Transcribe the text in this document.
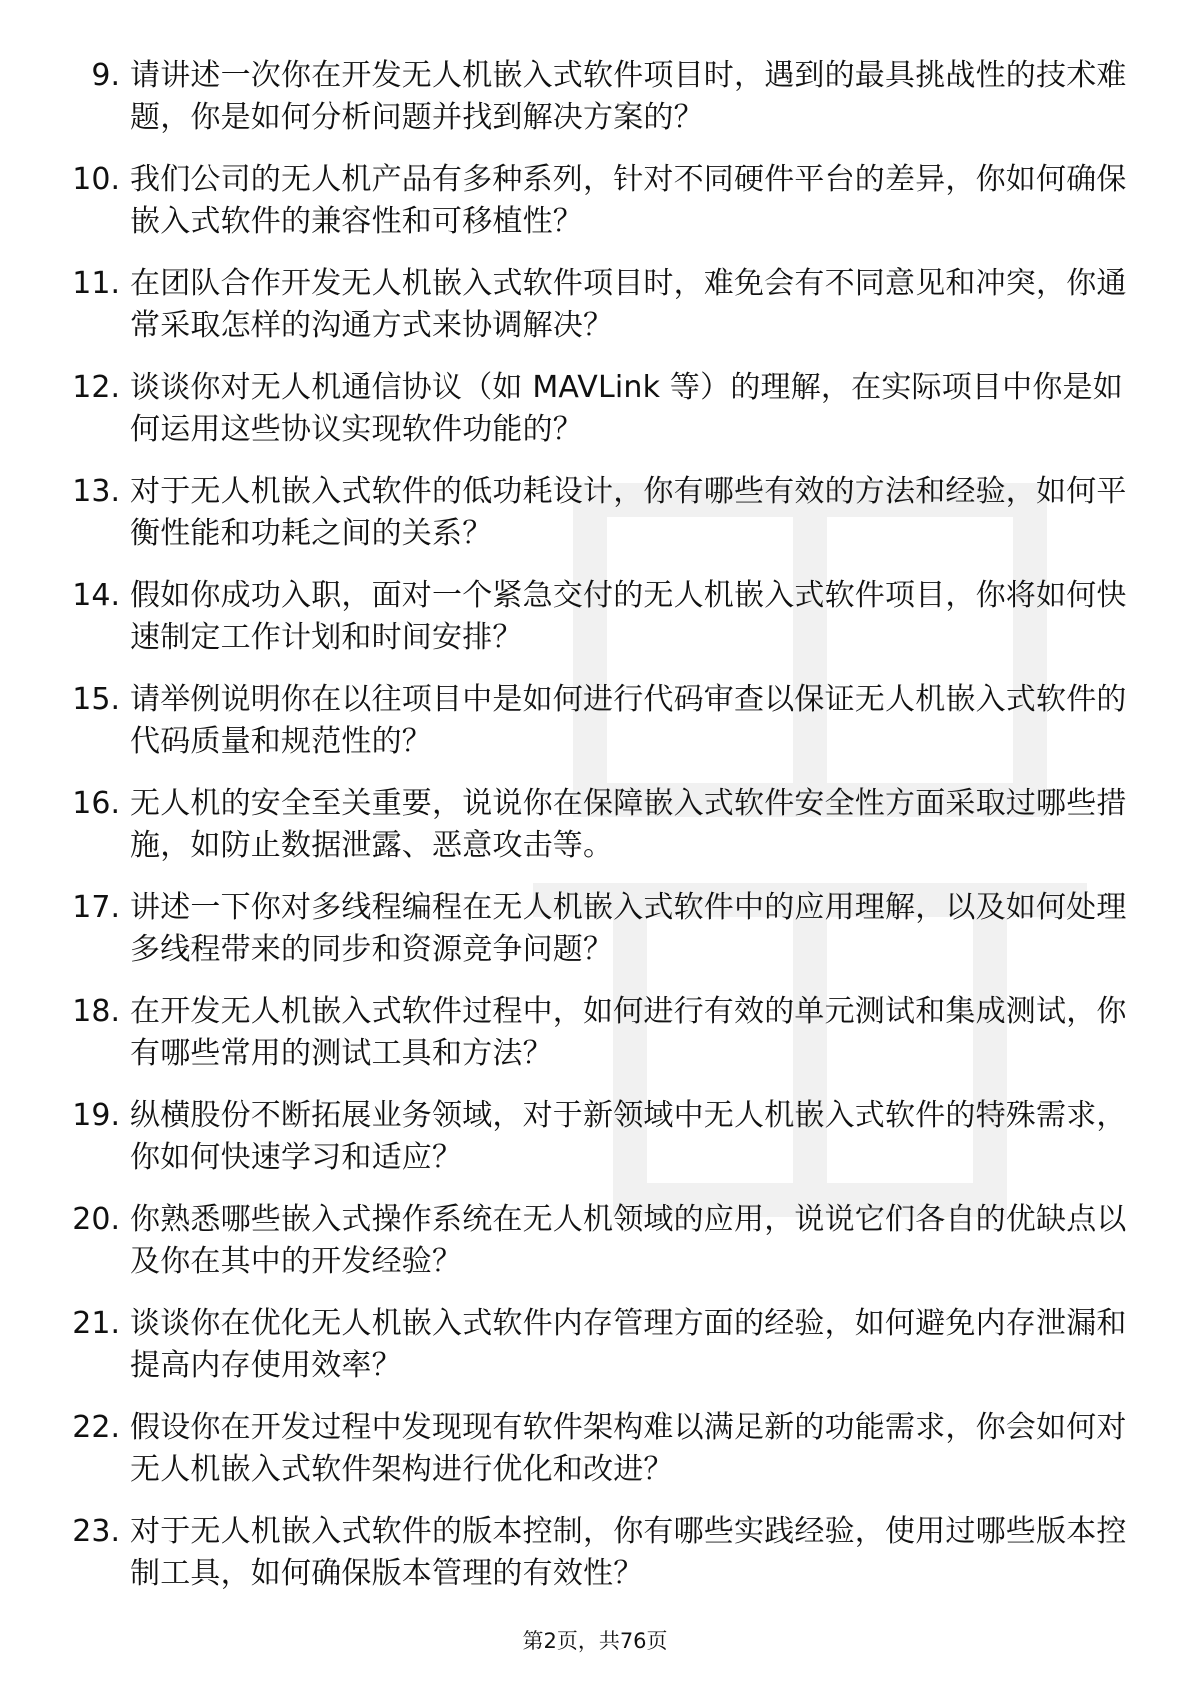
9. 请讲述一次你在开发无人机嵌入式软件项目时，遇到的最具挑战性的技术难题，你是如何分析问题并找到解决方案的？
10. 我们公司的无人机产品有多种系列，针对不同硬件平台的差异，你如何确保嵌入式软件的兼容性和可移植性？
11. 在团队合作开发无人机嵌入式软件项目时，难免会有不同意见和冲突，你通常采取怎样的沟通方式来协调解决？
12. 谈谈你对无人机通信协议（如 MAVLink 等）的理解，在实际项目中你是如何运用这些协议实现软件功能的？
13. 对于无人机嵌入式软件的低功耗设计，你有哪些有效的方法和经验，如何平衡性能和功耗之间的关系？
14. 假如你成功入职，面对一个紧急交付的无人机嵌入式软件项目，你将如何快速制定工作计划和时间安排？
15. 请举例说明你在以往项目中是如何进行代码审查以保证无人机嵌入式软件的代码质量和规范性的？
16. 无人机的安全至关重要，说说你在保障嵌入式软件安全性方面采取过哪些措施，如防止数据泄露、恶意攻击等。
17. 讲述一下你对多线程编程在无人机嵌入式软件中的应用理解，以及如何处理多线程带来的同步和资源竞争问题？
18. 在开发无人机嵌入式软件过程中，如何进行有效的单元测试和集成测试，你有哪些常用的测试工具和方法？
19. 纵横股份不断拓展业务领域，对于新领域中无人机嵌入式软件的特殊需求，你如何快速学习和适应？
20. 你熟悉哪些嵌入式操作系统在无人机领域的应用，说说它们各自的优缺点以及你在其中的开发经验？
21. 谈谈你在优化无人机嵌入式软件内存管理方面的经验，如何避免内存泄漏和提高内存使用效率？
22. 假设你在开发过程中发现现有软件架构难以满足新的功能需求，你会如何对无人机嵌入式软件架构进行优化和改进？
23. 对于无人机嵌入式软件的版本控制，你有哪些实践经验，使用过哪些版本控制工具，如何确保版本管理的有效性？
第2页，共76页
